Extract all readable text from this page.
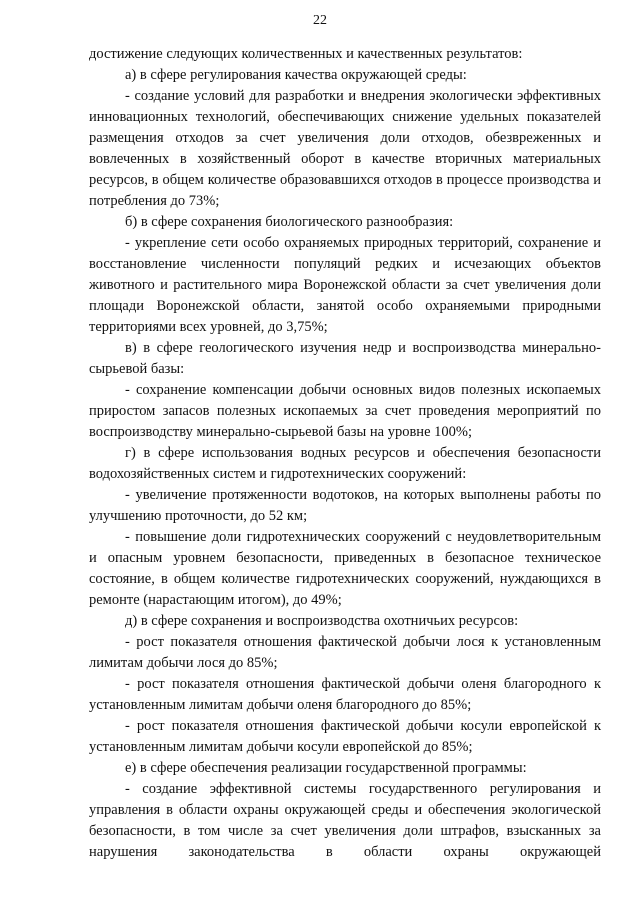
22

достижение следующих количественных и качественных результатов:

а) в сфере регулирования качества окружающей среды:

- создание условий для разработки и внедрения экологически эффективных инновационных технологий, обеспечивающих снижение удельных показателей размещения отходов за счет увеличения доли отходов, обезвреженных и вовлеченных в хозяйственный оборот в качестве вторичных материальных ресурсов, в общем количестве образовавшихся отходов в процессе производства и потребления до 73%;

б) в сфере сохранения биологического разнообразия:

- укрепление сети особо охраняемых природных территорий, сохранение и восстановление численности популяций редких и исчезающих объектов животного и растительного мира Воронежской области за счет увеличения доли площади Воронежской области, занятой особо охраняемыми природными территориями всех уровней, до 3,75%;

в) в сфере геологического изучения недр и воспроизводства минерально-сырьевой базы:

- сохранение компенсации добычи основных видов полезных ископаемых приростом запасов полезных ископаемых за счет проведения мероприятий по воспроизводству минерально-сырьевой базы на уровне 100%;

г) в сфере использования водных ресурсов и обеспечения безопасности водохозяйственных систем и гидротехнических сооружений:

- увеличение протяженности водотоков, на которых выполнены работы по улучшению проточности, до 52 км;

- повышение доли гидротехнических сооружений с неудовлетворительным и опасным уровнем безопасности, приведенных в безопасное техническое состояние, в общем количестве гидротехнических сооружений, нуждающихся в ремонте (нарастающим итогом), до 49%;

д) в сфере сохранения и воспроизводства охотничьих ресурсов:

- рост показателя отношения фактической добычи лося к установленным лимитам добычи лося до 85%;

- рост показателя отношения фактической добычи оленя благородного к установленным лимитам добычи оленя благородного до 85%;

- рост показателя отношения фактической добычи косули европейской к установленным лимитам добычи косули европейской до 85%;

е) в сфере обеспечения реализации государственной программы:

- создание эффективной системы государственного регулирования и управления в области охраны окружающей среды и обеспечения экологической безопасности, в том числе за счет увеличения доли штрафов, взысканных за нарушения законодательства в области охраны окружающей
